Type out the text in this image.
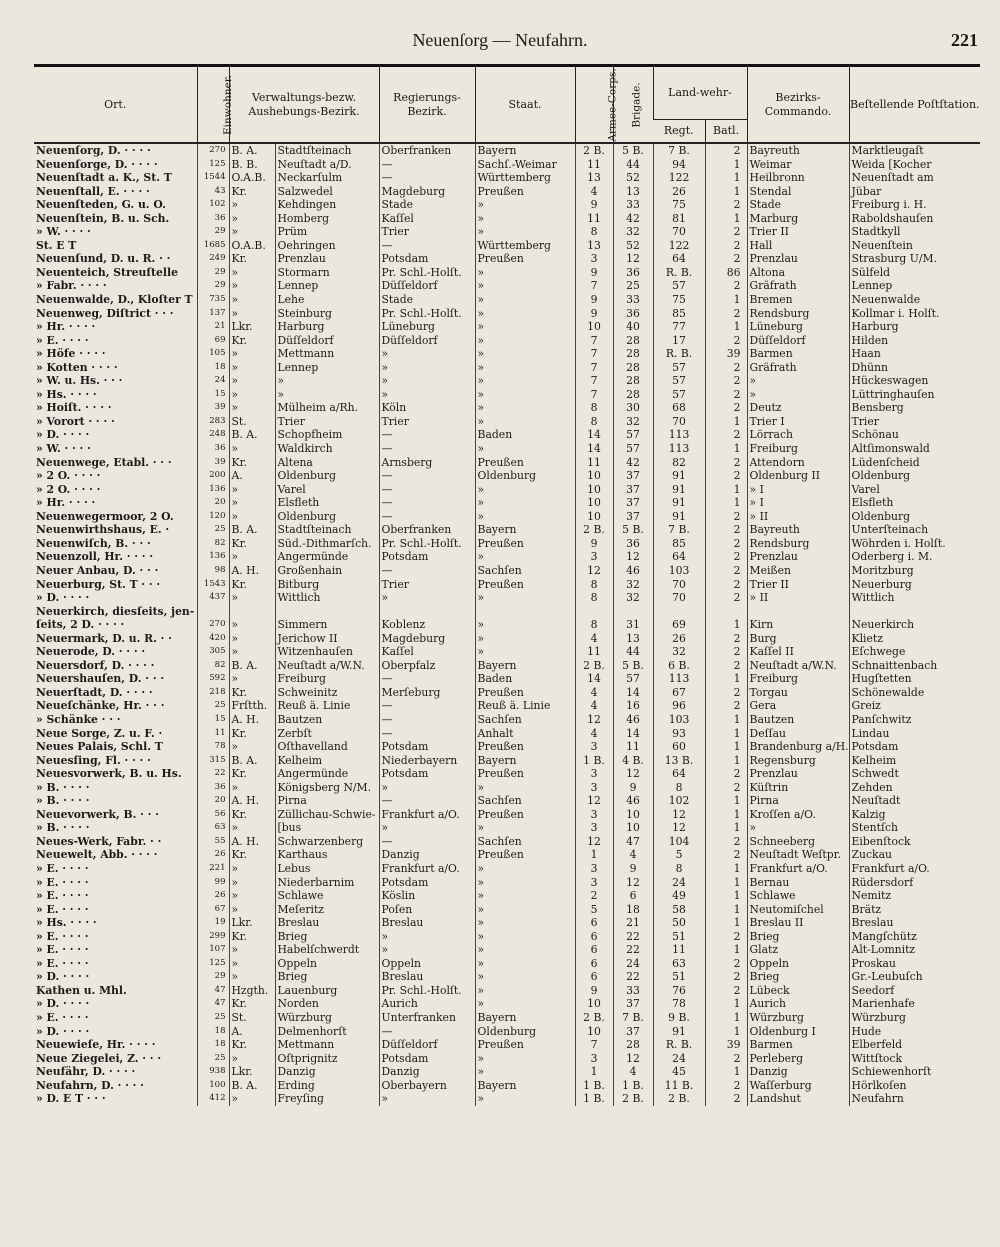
Neuenſorg — Neufahrn.	221
Ort.	Einwohner.	Verwaltungs-bezw. Aushebungs-Bezirk.		Regierungs-Bezirk.	Staat.	Armee-Corps.	Brigade.	Land-wehr-		Bezirks-Commando.	Beſtellende Poſtſtation.
								Regt.	Batl.		
Neuenſorg, D. · · · ·	270	B. A.	Stadtſteinach	Oberfranken	Bayern	2 B.	5 B.	7 B.	2	Bayreuth	Marktleugaſt
Neuenſorge, D. · · · ·	125	B. B.	Neuſtadt a/D.	—	Sachſ.-Weimar	11	44	94	1	Weimar	Weida [Kocher
Neuenſtadt a. K., St. T	1544	O.A.B.	Neckarſulm	—	Württemberg	13	52	122	1	Heilbronn	Neuenſtadt am
Neuenſtall, E. · · · ·	43	Kr.	Salzwedel	Magdeburg	Preußen	4	13	26	1	Stendal	Jübar
Neuenſteden, G. u. O.	102	»	Kehdingen	Stade	»	9	33	75	2	Stade	Freiburg i. H.
Neuenſtein, B. u. Sch.	36	»	Homberg	Kaſſel	»	11	42	81	1	Marburg	Raboldshauſen
» W. · · · ·	29	»	Prüm	Trier	»	8	32	70	2	Trier II	Stadtkyll
St. E T	1685	O.A.B.	Oehringen	—	Württemberg	13	52	122	2	Hall	Neuenſtein
Neuenſund, D. u. R. · ·	249	Kr.	Prenzlau	Potsdam	Preußen	3	12	64	2	Prenzlau	Strasburg U/M.
Neuenteich, Streuſtelle	29	»	Stormarn	Pr. Schl.-Holſt.	»	9	36	R. B.	86	Altona	Sülfeld
» Fabr. · · · ·	29	»	Lennep	Düſſeldorf	»	7	25	57	2	Gräfrath	Lennep
Neuenwalde, D., Kloſter T	735	»	Lehe	Stade	»	9	33	75	1	Bremen	Neuenwalde
Neuenweg, Diſtrict · · ·	137	»	Steinburg	Pr. Schl.-Holſt.	»	9	36	85	2	Rendsburg	Kollmar i. Holſt.
» Hr. · · · ·	21	Lkr.	Harburg	Lüneburg	»	10	40	77	1	Lüneburg	Harburg
» E. · · · ·	69	Kr.	Düſſeldorf	Düſſeldorf	»	7	28	17	2	Düſſeldorf	Hilden
» Höfe · · · ·	105	»	Mettmann	»	»	7	28	R. B.	39	Barmen	Haan
» Kotten · · · ·	18	»	Lennep	»	»	7	28	57	2	Gräfrath	Dhünn
» W. u. Hs. · · ·	24	»	»	»	»	7	28	57	2	»	Hückeswagen
» Hs. · · · ·	15	»	»	»	»	7	28	57	2	»	Lüttringhauſen
» Hoiſt. · · · ·	39	»	Mülheim a/Rh.	Köln	»	8	30	68	2	Deutz	Bensberg
» Vorort · · · ·	283	St.	Trier	Trier	»	8	32	70	1	Trier I	Trier
» D. · · · ·	248	B. A.	Schopfheim	—	Baden	14	57	113	2	Lörrach	Schönau
» W. · · · ·	36	»	Waldkirch	—	»	14	57	113	1	Freiburg	Altſimonswald
Neuenwege, Etabl. · · ·	39	Kr.	Altena	Arnsberg	Preußen	11	42	82	2	Attendorn	Lüdenſcheid
» 2 O. · · · ·	200	A.	Oldenburg	—	Oldenburg	10	37	91	2	Oldenburg II	Oldenburg
» 2 O. · · · ·	136	»	Varel	—	»	10	37	91	1	» I	Varel
» Hr. · · · ·	20	»	Elsfleth	—	»	10	37	91	1	» I	Elsfleth
Neuenwegermoor, 2 O.	120	»	Oldenburg	—	»	10	37	91	2	» II	Oldenburg
Neuenwirthshaus, E. ·	25	B. A.	Stadtſteinach	Oberfranken	Bayern	2 B.	5 B.	7 B.	2	Bayreuth	Unterſteinach
Neuenwiſch, B. · · ·	82	Kr.	Süd.-Dithmarſch.	Pr. Schl.-Holſt.	Preußen	9	36	85	2	Rendsburg	Wöhrden i. Holſt.
Neuenzoll, Hr. · · · ·	136	»	Angermünde	Potsdam	»	3	12	64	2	Prenzlau	Oderberg i. M.
Neuer Anbau, D. · · ·	98	A. H.	Großenhain	—	Sachſen	12	46	103	2	Meißen	Moritzburg
Neuerburg, St. T · · ·	1543	Kr.	Bitburg	Trier	Preußen	8	32	70	2	Trier II	Neuerburg
» D. · · · ·	437	»	Wittlich	»	»	8	32	70	2	» II	Wittlich
Neuerkirch, diesſeits, jen-											
ſeits, 2 D. · · · ·	270	»	Simmern	Koblenz	»	8	31	69	1	Kirn	Neuerkirch
Neuermark, D. u. R. · ·	420	»	Jerichow II	Magdeburg	»	4	13	26	2	Burg	Klietz
Neuerode, D. · · · ·	305	»	Witzenhauſen	Kaſſel	»	11	44	32	2	Kaſſel II	Eſchwege
Neuersdorf, D. · · · ·	82	B. A.	Neuſtadt a/W.N.	Oberpfalz	Bayern	2 B.	5 B.	6 B.	2	Neuſtadt a/W.N.	Schnaittenbach
Neuershauſen, D. · · ·	592	»	Freiburg	—	Baden	14	57	113	1	Freiburg	Hugſtetten
Neuerſtadt, D. · · · ·	218	Kr.	Schweinitz	Merſeburg	Preußen	4	14	67	2	Torgau	Schönewalde
Neueſchänke, Hr. · · ·	25	Frſtth.	Reuß ä. Linie	—	Reuß ä. Linie	4	16	96	2	Gera	Greiz
» Schänke · · ·	15	A. H.	Bautzen	—	Sachſen	12	46	103	1	Bautzen	Panſchwitz
Neue Sorge, Z. u. F. ·	11	Kr.	Zerbſt	—	Anhalt	4	14	93	1	Deſſau	Lindau
Neues Palais, Schl. T	78	»	Oſthavelland	Potsdam	Preußen	3	11	60	1	Brandenburg a/H.	Potsdam
Neuesſing, Fl. · · · ·	315	B. A.	Kelheim	Niederbayern	Bayern	1 B.	4 B.	13 B.	1	Regensburg	Kelheim
Neuesvorwerk, B. u. Hs.	22	Kr.	Angermünde	Potsdam	Preußen	3	12	64	2	Prenzlau	Schwedt
» B. · · · ·	36	»	Königsberg N/M.	»	»	3	9	8	2	Küſtrin	Zehden
» B. · · · ·	20	A. H.	Pirna	—	Sachſen	12	46	102	1	Pirna	Neuſtadt
Neuevorwerk, B. · · ·	56	Kr.	Züllichau-Schwie-	Frankfurt a/O.	Preußen	3	10	12	1	Kroſſen a/O.	Kalzig
» B. · · · ·	63	»	[bus	»	»	3	10	12	1	»	Stentſch
Neues-Werk, Fabr. · ·	55	A. H.	Schwarzenberg	—	Sachſen	12	47	104	2	Schneeberg	Eibenſtock
Neuewelt, Abb. · · · ·	26	Kr.	Karthaus	Danzig	Preußen	1	4	5	2	Neuſtadt Weſtpr.	Zuckau
» E. · · · ·	221	»	Lebus	Frankfurt a/O.	»	3	9	8	1	Frankfurt a/O.	Frankfurt a/O.
» E. · · · ·	99	»	Niederbarnim	Potsdam	»	3	12	24	1	Bernau	Rüdersdorf
» E. · · · ·	26	»	Schlawe	Köslin	»	2	6	49	1	Schlawe	Nemitz
» E. · · · ·	67	»	Meſeritz	Poſen	»	5	18	58	1	Neutomiſchel	Brätz
» Hs. · · · ·	19	Lkr.	Breslau	Breslau	»	6	21	50	1	Breslau II	Breslau
» E. · · · ·	299	Kr.	Brieg	»	»	6	22	51	2	Brieg	Mangſchütz
» E. · · · ·	107	»	Habelſchwerdt	»	»	6	22	11	1	Glatz	Alt-Lomnitz
» E. · · · ·	125	»	Oppeln	Oppeln	»	6	24	63	2	Oppeln	Proskau
» D. · · · ·	29	»	Brieg	Breslau	»	6	22	51	2	Brieg	Gr.-Leubuſch
Kathen u. Mhl.	47	Hzgth.	Lauenburg	Pr. Schl.-Holſt.	»	9	33	76	2	Lübeck	Seedorf
» D. · · · ·	47	Kr.	Norden	Aurich	»	10	37	78	1	Aurich	Marienhafe
» E. · · · ·	25	St.	Würzburg	Unterfranken	Bayern	2 B.	7 B.	9 B.	1	Würzburg	Würzburg
» D. · · · ·	18	A.	Delmenhorſt	—	Oldenburg	10	37	91	1	Oldenburg I	Hude
Neuewieſe, Hr. · · · ·	18	Kr.	Mettmann	Düſſeldorf	Preußen	7	28	R. B.	39	Barmen	Elberfeld
Neue Ziegelei, Z. · · ·	25	»	Oſtprignitz	Potsdam	»	3	12	24	2	Perleberg	Wittſtock
Neufähr, D. · · · ·	938	Lkr.	Danzig	Danzig	»	1	4	45	1	Danzig	Schiewenhorſt
Neufahrn, D. · · · ·	100	B. A.	Erding	Oberbayern	Bayern	1 B.	1 B.	11 B.	2	Waſſerburg	Hörlkoſen
» D. E T · · ·	412	»	Freyſing	»	»	1 B.	2 B.	2 B.	2	Landshut	Neufahrn
